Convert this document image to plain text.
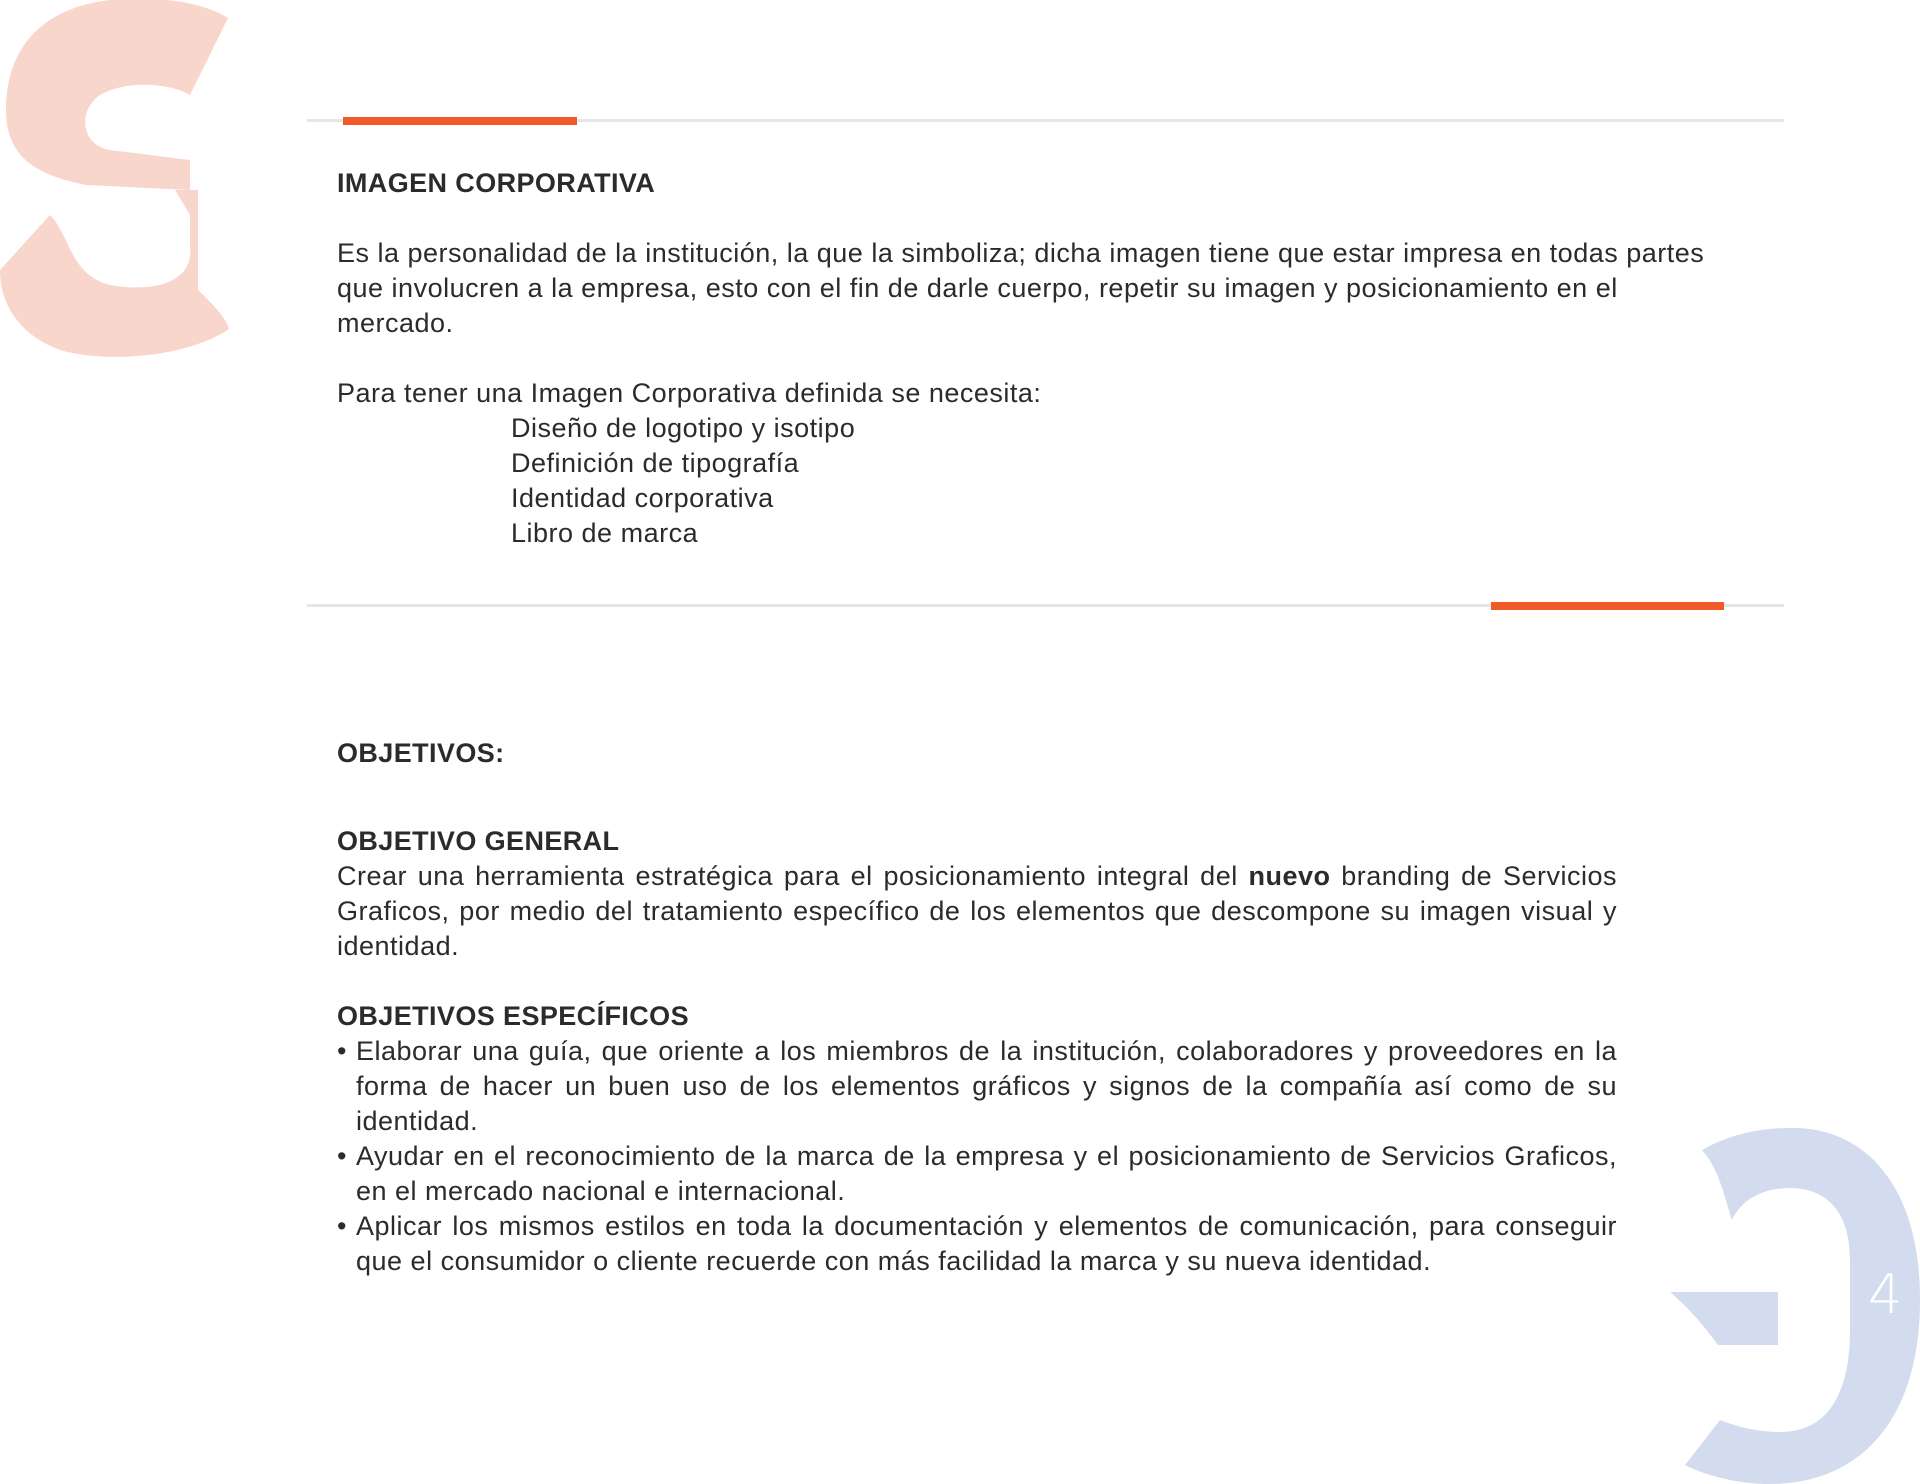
IMAGEN CORPORATIVA

Es la personalidad de la institución, la que la simboliza; dicha imagen tiene que estar impresa en todas partes que involucren a la empresa, esto con el fin de darle cuerpo, repetir su imagen y posicionamiento en el mercado.

Para tener una Imagen Corporativa definida se necesita:

Diseño de logotipo y isotipo
Definición de tipografía
Identidad corporativa
Libro de marca
OBJETIVOS:
OBJETIVO GENERAL

Crear una herramienta estratégica para el posicionamiento integral del nuevo branding de Servicios Graficos, por medio del tratamiento específico de los elementos que descompone su imagen visual y identidad.

OBJETIVOS ESPECÍFICOS
• Elaborar una guía, que oriente a los miembros de la institución, colaboradores y proveedores en la forma de hacer un buen uso de los elementos gráficos y signos de la compañía así como de su identidad.
• Ayudar en el reconocimiento de la marca de la empresa y el posicionamiento de Servicios Graficos, en el mercado nacional e internacional.
• Aplicar los mismos estilos en toda la documentación y elementos de comunicación, para conseguir que el consumidor o cliente recuerde con más facilidad la marca y su nueva identidad.
4
